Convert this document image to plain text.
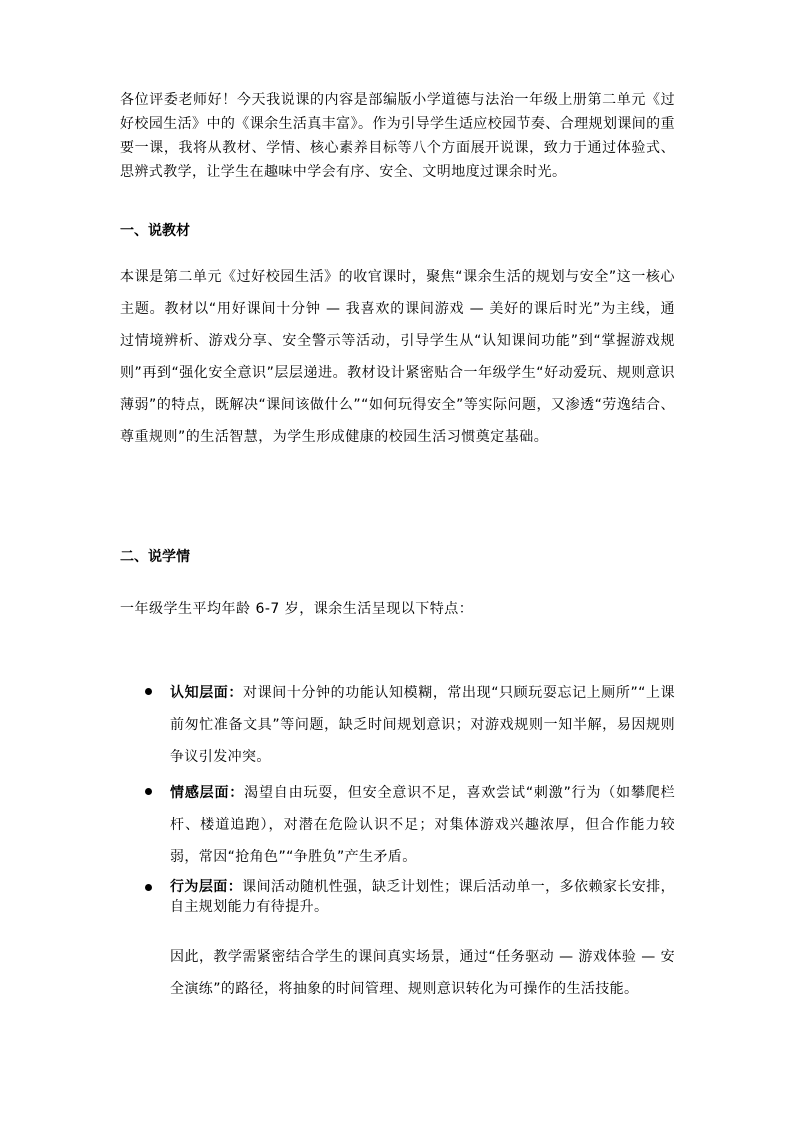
各位评委老师好！今天我说课的内容是部编版小学道德与法治一年级上册第二单元《过好校园生活》中的《课余生活真丰富》。作为引导学生适应校园节奏、合理规划课间的重要一课，我将从教材、学情、核心素养目标等八个方面展开说课，致力于通过体验式、思辨式教学，让学生在趣味中学会有序、安全、文明地度过课余时光。

一、说教材

本课是第二单元《过好校园生活》的收官课时，聚焦“课余生活的规划与安全”这一核心主题。教材以“用好课间十分钟 — 我喜欢的课间游戏 — 美好的课后时光”为主线，通过情境辨析、游戏分享、安全警示等活动，引导学生从“认知课间功能”到“掌握游戏规则”再到“强化安全意识”层层递进。教材设计紧密贴合一年级学生“好动爱玩、规则意识薄弱”的特点，既解决“课间该做什么”“如何玩得安全”等实际问题，又渗透“劳逸结合、尊重规则”的生活智慧，为学生形成健康的校园生活习惯奠定基础。

二、说学情

一年级学生平均年龄 6-7 岁，课余生活呈现以下特点：

认知层面：对课间十分钟的功能认知模糊，常出现“只顾玩耍忘记上厕所”“上课前匆忙准备文具”等问题，缺乏时间规划意识；对游戏规则一知半解，易因规则争议引发冲突。
情感层面：渴望自由玩耍，但安全意识不足，喜欢尝试“刺激”行为（如攀爬栏杆、楼道追跑），对潜在危险认识不足；对集体游戏兴趣浓厚，但合作能力较弱，常因“抢角色”“争胜负”产生矛盾。
行为层面：课间活动随机性强，缺乏计划性；课后活动单一，多依赖家长安排，自主规划能力有待提升。

因此，教学需紧密结合学生的课间真实场景，通过“任务驱动 — 游戏体验 — 安全演练”的路径，将抽象的时间管理、规则意识转化为可操作的生活技能。
